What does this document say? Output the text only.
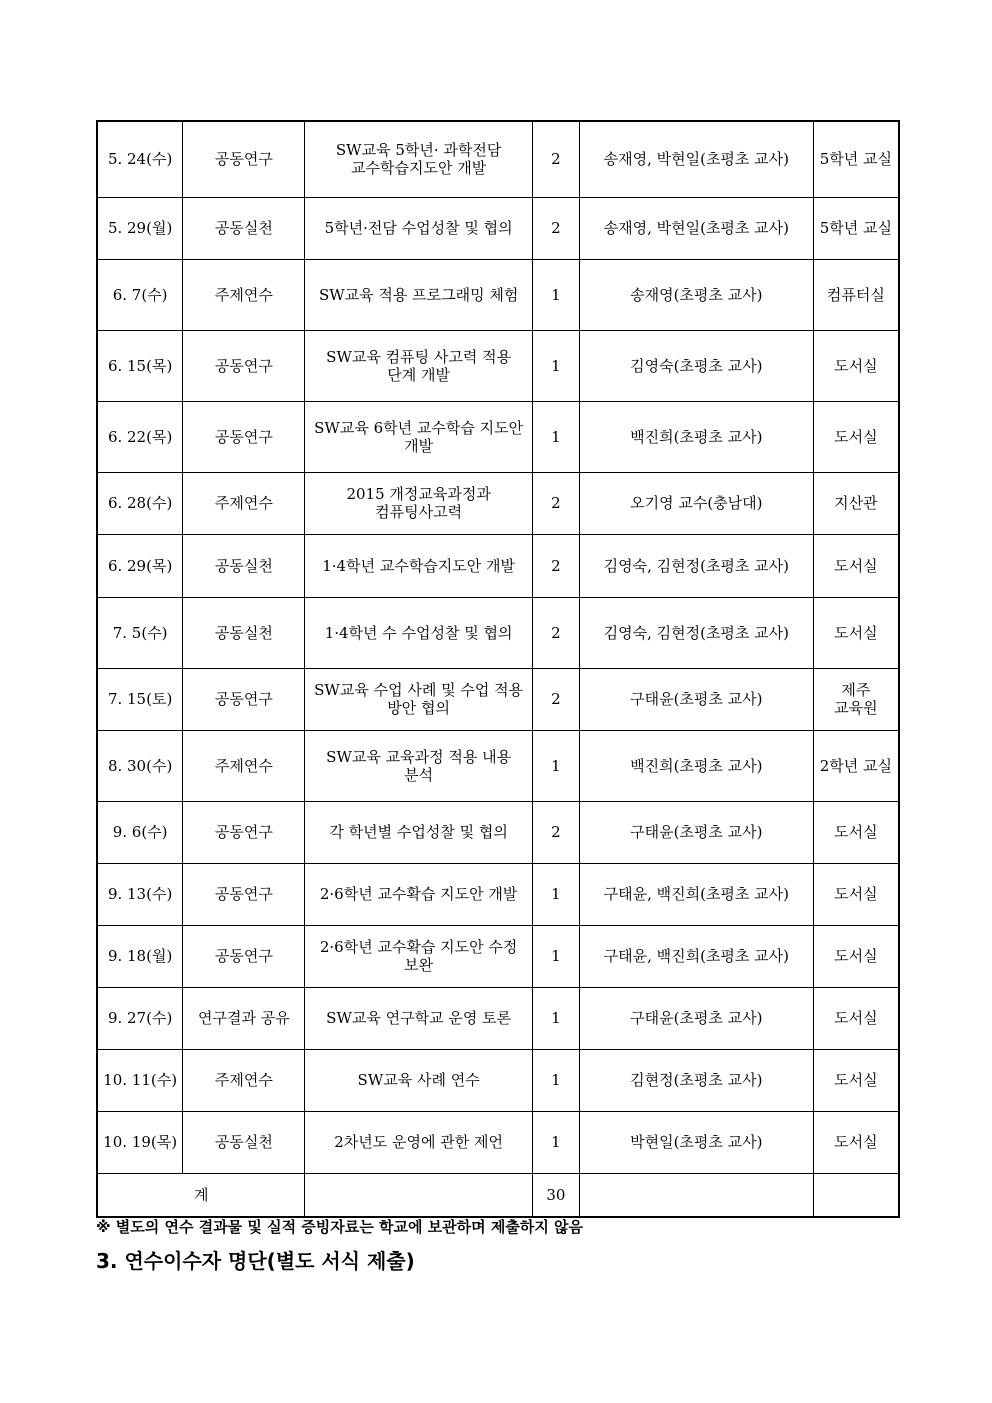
5. 24(수)	공동연구	SW교육 5학년· 과학전담 교수학습지도안 개발	2	송재영, 박현일(초평초 교사)	5학년 교실
5. 29(월)	공동실천	5학년·전담 수업성찰 및 협의	2	송재영, 박현일(초평초 교사)	5학년 교실
6. 7(수)	주제연수	SW교육 적용 프로그래밍 체험	1	송재영(초평초 교사)	컴퓨터실
6. 15(목)	공동연구	SW교육 컴퓨팅 사고력 적용 단계 개발	1	김영숙(초평초 교사)	도서실
6. 22(목)	공동연구	SW교육 6학년 교수학습 지도안 개발	1	백진희(초평초 교사)	도서실
6. 28(수)	주제연수	2015 개정교육과정과 컴퓨팅사고력	2	오기영 교수(충남대)	지산관
6. 29(목)	공동실천	1·4학년 교수학습지도안 개발	2	김영숙, 김현정(초평초 교사)	도서실
7. 5(수)	공동실천	1·4학년 수 수업성찰 및 협의	2	김영숙, 김현정(초평초 교사)	도서실
7. 15(토)	공동연구	SW교육 수업 사례 및 수업 적용 방안 협의	2	구태윤(초평초 교사)	제주 교육원
8. 30(수)	주제연수	SW교육 교육과정 적용 내용 분석	1	백진희(초평초 교사)	2학년 교실
9. 6(수)	공동연구	각 학년별 수업성찰 및 협의	2	구태윤(초평초 교사)	도서실
9. 13(수)	공동연구	2·6학년 교수확습 지도안 개발	1	구태윤, 백진희(초평초 교사)	도서실
9. 18(월)	공동연구	2·6학년 교수확습 지도안 수정 보완	1	구태윤, 백진희(초평초 교사)	도서실
9. 27(수)	연구결과 공유	SW교육 연구학교 운영 토론	1	구태윤(초평초 교사)	도서실
10. 11(수)	주제연수	SW교육 사례 연수	1	김현정(초평초 교사)	도서실
10. 19(목)	공동실천	2차년도 운영에 관한 제언	1	박현일(초평초 교사)	도서실
계			30		
※ 별도의 연수 결과물 및 실적 증빙자료는 학교에 보관하며 제출하지 않음
3. 연수이수자 명단(별도 서식 제출)
